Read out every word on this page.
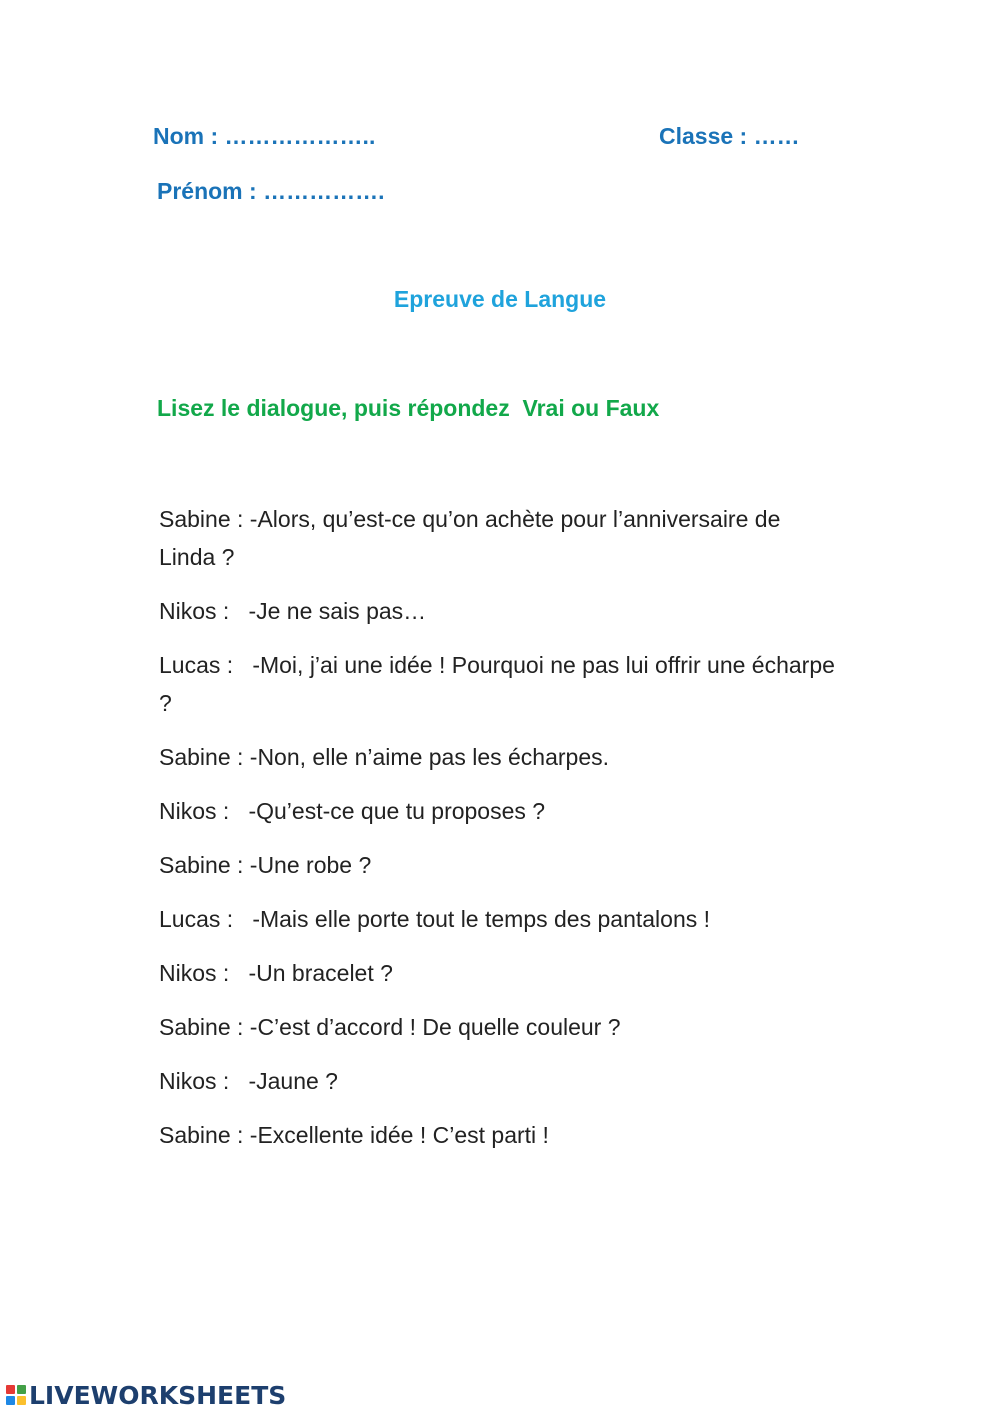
Nom : ………………..	Classe : ……
Prénom : …………….
Epreuve de Langue
Lisez le dialogue, puis répondez  Vrai ou Faux

Sabine : -Alors, qu’est-ce qu’on achète pour l’anniversaire de Linda ?

Nikos :   -Je ne sais pas…

Lucas :   -Moi, j’ai une idée ! Pourquoi ne pas lui offrir une écharpe ?

Sabine : -Non, elle n’aime pas les écharpes.

Nikos :   -Qu’est-ce que tu proposes ?

Sabine : -Une robe ?

Lucas :   -Mais elle porte tout le temps des pantalons !

Nikos :   -Un bracelet ?

Sabine : -C’est d’accord ! De quelle couleur ?

Nikos :   -Jaune ?

Sabine : -Excellente idée ! C’est parti !

LIVEWORKSHEETS
